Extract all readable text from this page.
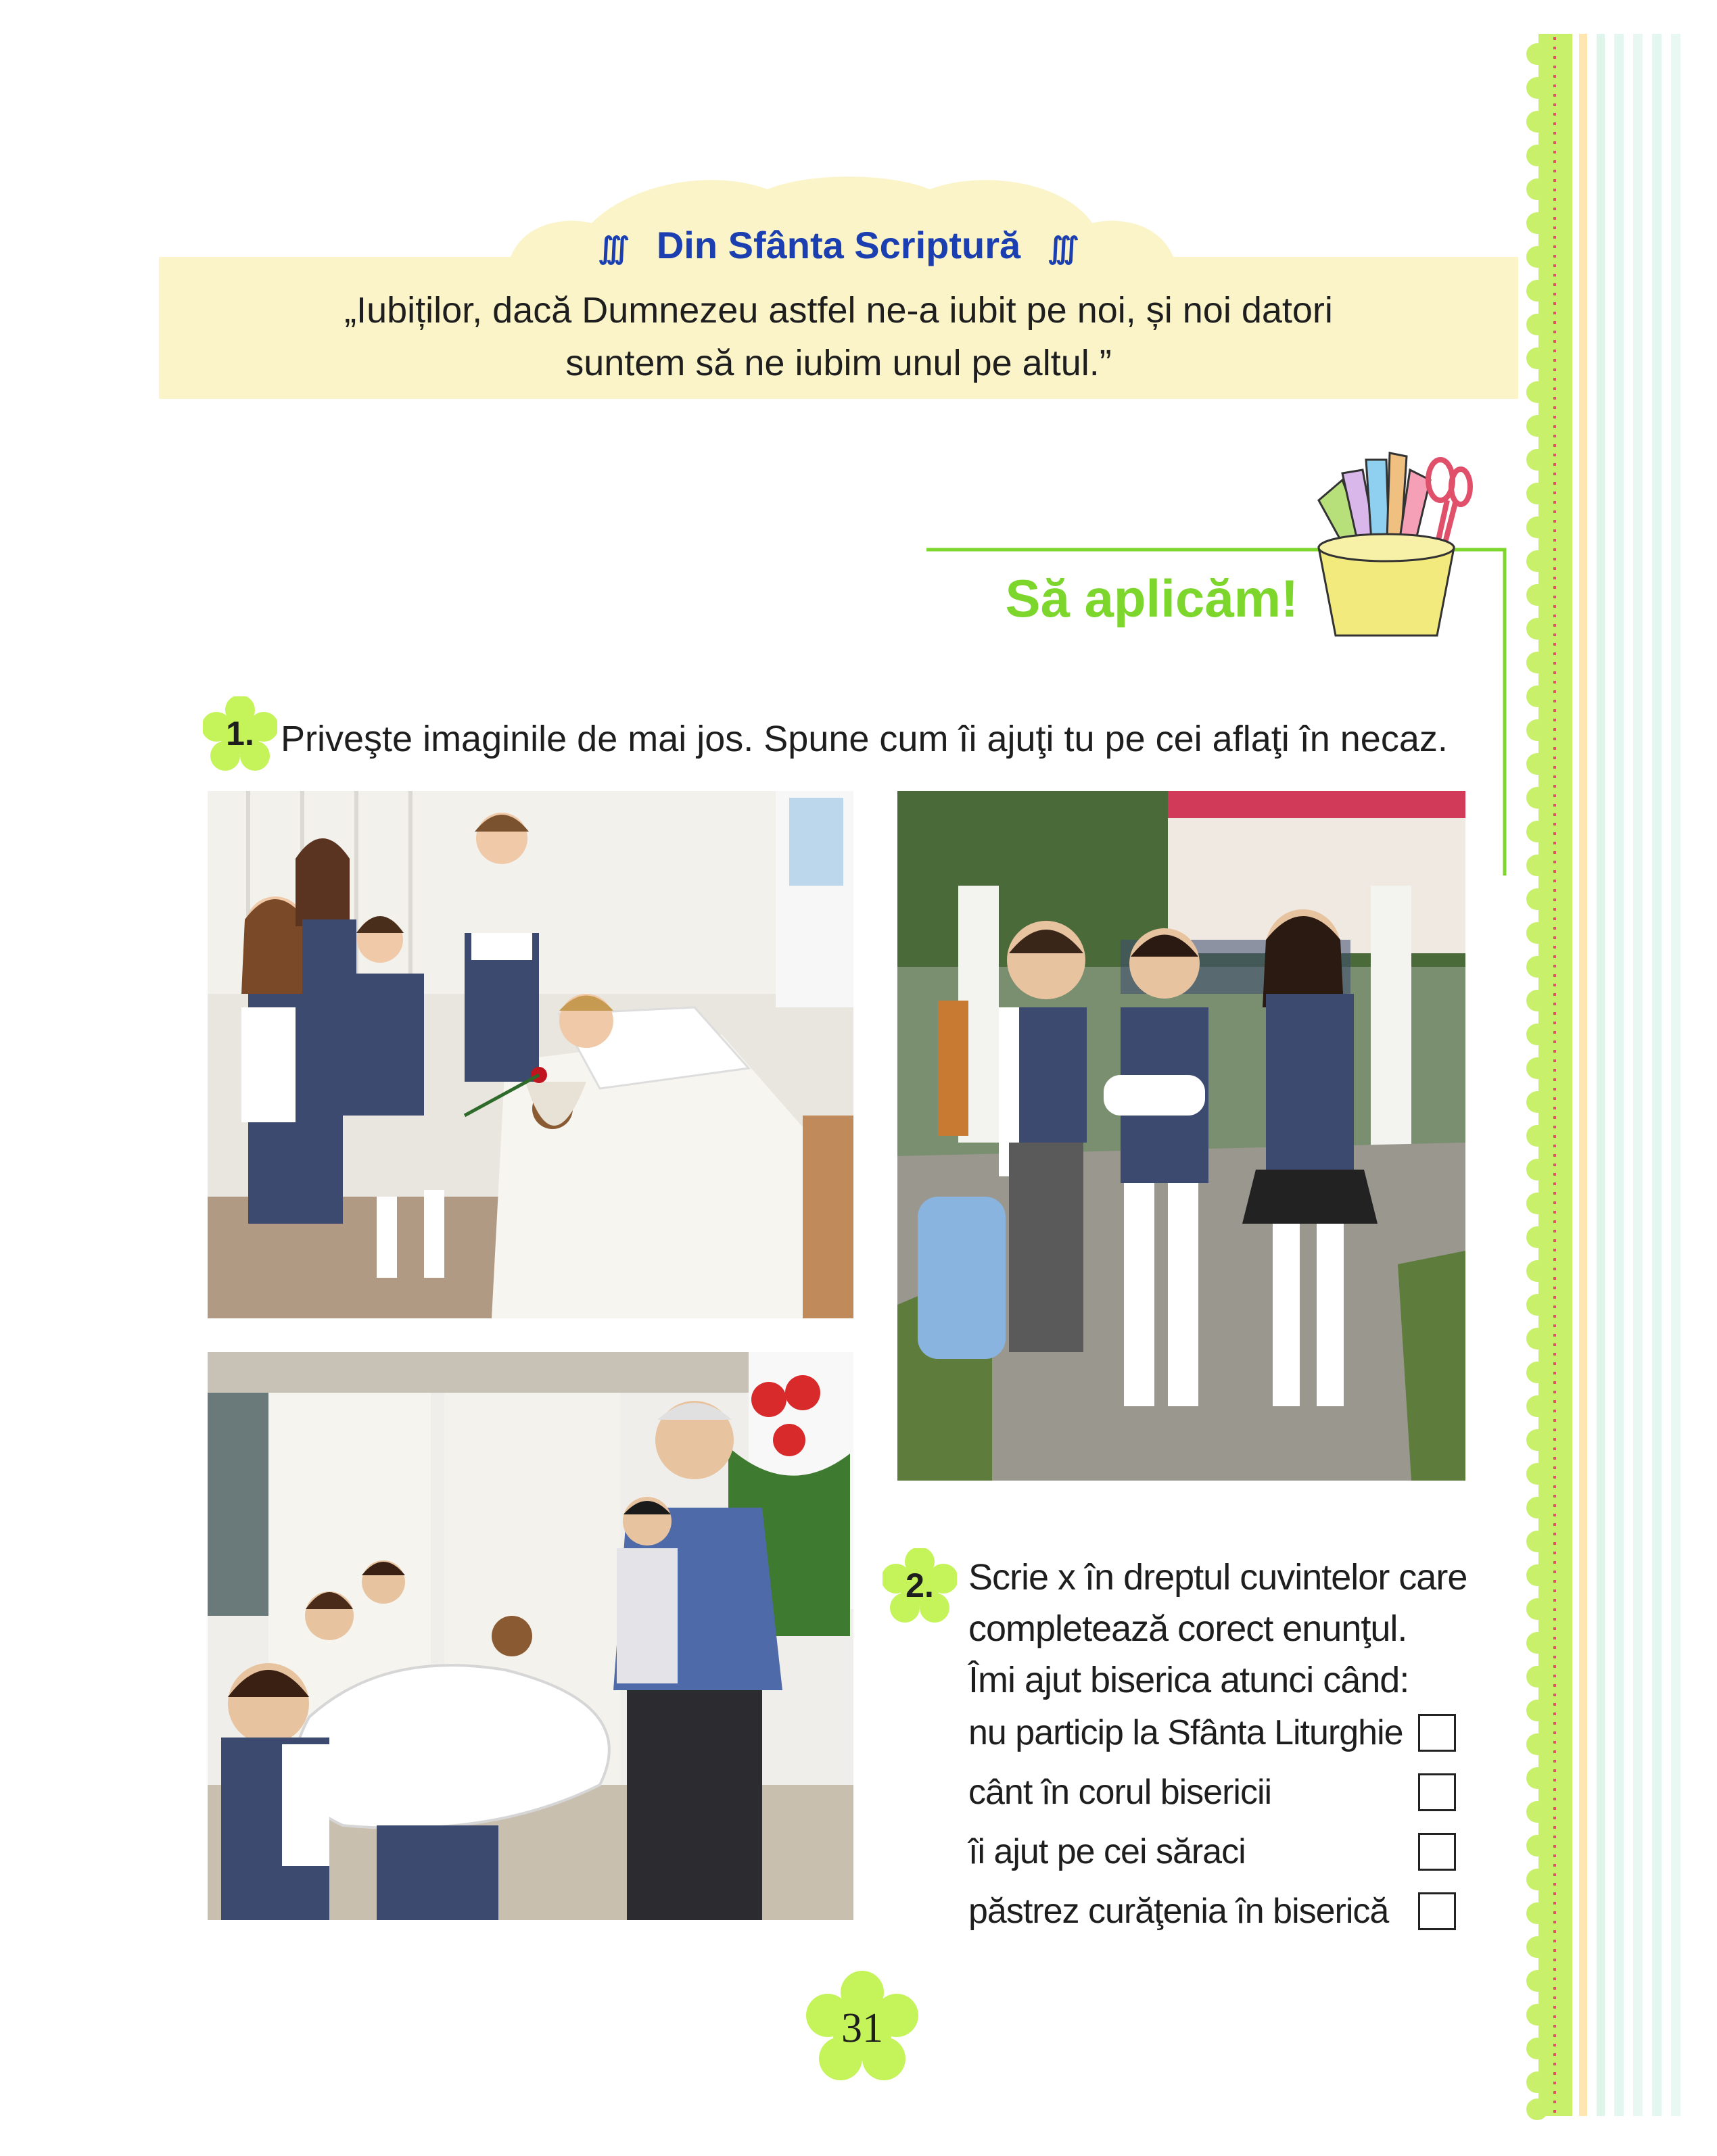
∭ Din Sfânta Scriptură ∭
„Iubiților, dacă Dumnezeu astfel ne-a iubit pe noi, și noi datori
suntem să ne iubim unul pe altul.”
Să aplicăm!
1. Priveşte imaginile de mai jos. Spune cum îi ajuţi tu pe cei aflaţi în necaz.
2. Scrie x în dreptul cuvintelor care
completează corect enunţul.
Îmi ajut biserica atunci când:
nu particip la Sfânta Liturghie
cânt în corul bisericii
îi ajut pe cei săraci
păstrez curăţenia în biserică
31
